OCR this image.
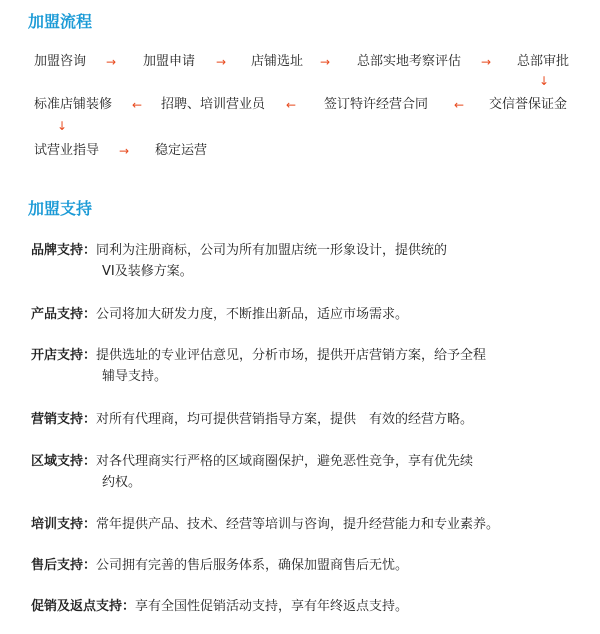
加盟流程
加盟咨询 → 加盟申请 → 店铺选址 → 总部实地考察评估 → 总部审批
↓
标准店铺装修 ← 招聘、培训营业员 ← 签订特许经营合同 ← 交信誉保证金
↓
试营业指导 → 稳定运营
加盟支持
品牌支持：同利为注册商标，公司为所有加盟店统一形象设计，提供统的
VI及装修方案。
产品支持：公司将加大研发力度，不断推出新品，适应市场需求。
开店支持：提供选址的专业评估意见，分析市场，提供开店营销方案，给予全程
辅导支持。
营销支持：对所有代理商，均可提供营销指导方案，提供　有效的经营方略。
区域支持：对各代理商实行严格的区域商圈保护，避免恶性竞争，享有优先续
约权。
培训支持：常年提供产品、技术、经营等培训与咨询，提升经营能力和专业素养。
售后支持：公司拥有完善的售后服务体系，确保加盟商售后无忧。
促销及返点支持：享有全国性促销活动支持，享有年终返点支持。
